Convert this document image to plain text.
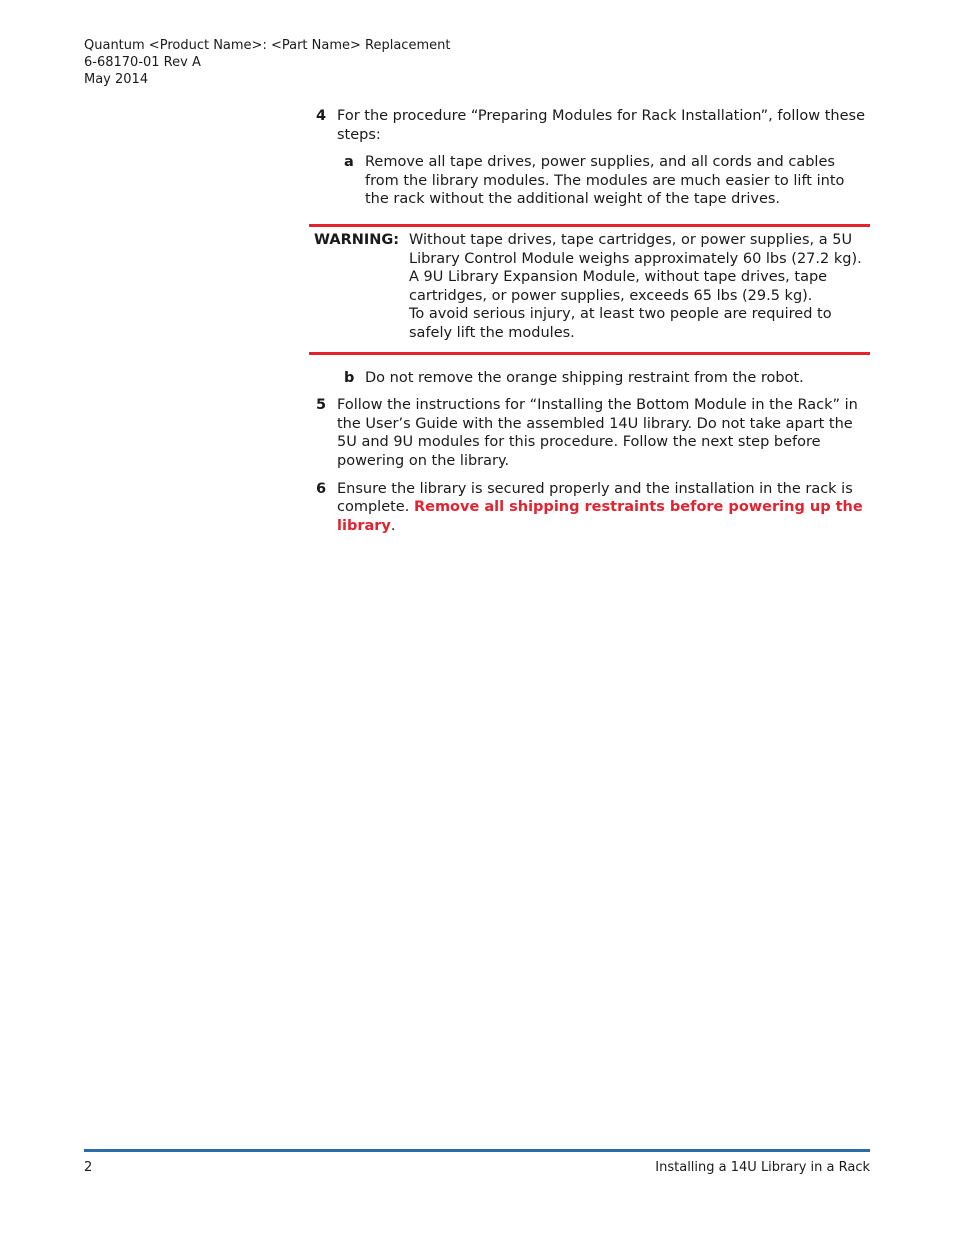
Quantum <Product Name>: <Part Name> Replacement
6-68170-01 Rev A
May 2014
4 For the procedure “Preparing Modules for Rack Installation”, follow these steps:
a Remove all tape drives, power supplies, and all cords and cables from the library modules. The modules are much easier to lift into the rack without the additional weight of the tape drives.
WARNING: Without tape drives, tape cartridges, or power supplies, a 5U Library Control Module weighs approximately 60 lbs (27.2 kg). A 9U Library Expansion Module, without tape drives, tape cartridges, or power supplies, exceeds 65 lbs (29.5 kg).
To avoid serious injury, at least two people are required to safely lift the modules.
b Do not remove the orange shipping restraint from the robot.
5 Follow the instructions for “Installing the Bottom Module in the Rack” in the User’s Guide with the assembled 14U library. Do not take apart the 5U and 9U modules for this procedure. Follow the next step before powering on the library.
6 Ensure the library is secured properly and the installation in the rack is complete. Remove all shipping restraints before powering up the library.
2	Installing a 14U Library in a Rack
